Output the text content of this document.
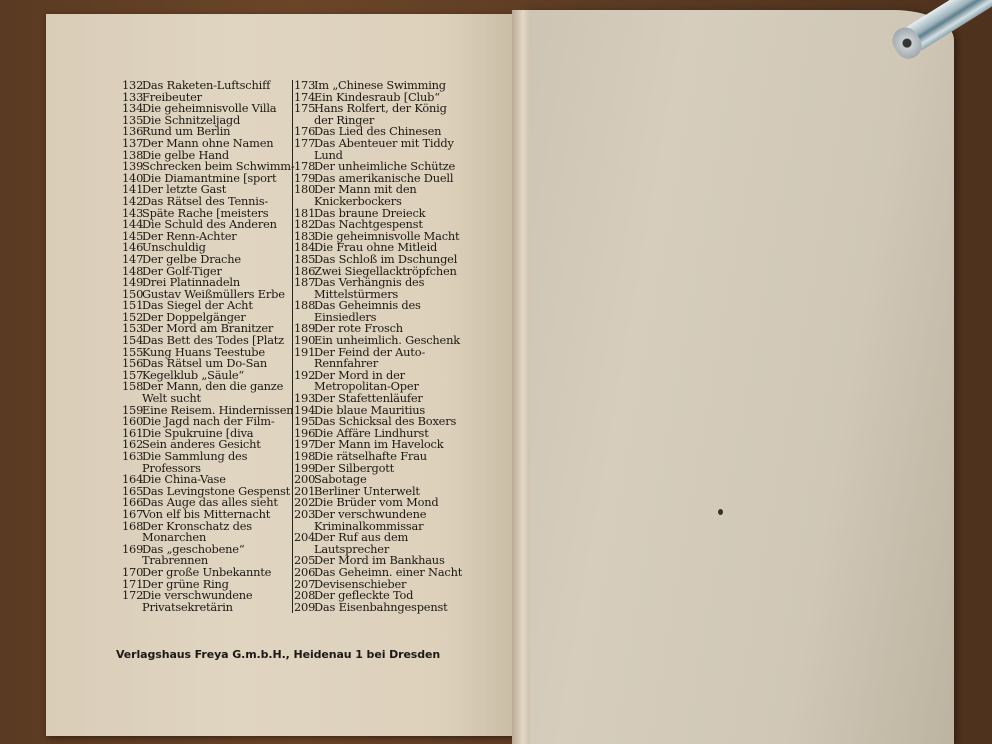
132
Das Raketen-Luftschiff
133
Freibeuter
134
Die geheimnisvolle Villa
135
Die Schnitzeljagd
136
Rund um Berlin
137
Der Mann ohne Namen
138
Die gelbe Hand
139
Schrecken beim Schwimm-
140
Die Diamantmine [sport
141
Der letzte Gast
142
Das Rätsel des Tennis-
143
Späte Rache [meisters
144
Die Schuld des Anderen
145
Der Renn-Achter
146
Unschuldig
147
Der gelbe Drache
148
Der Golf-Tiger
149
Drei Platinnadeln
150
Gustav Weißmüllers Erbe
151
Das Siegel der Acht
152
Der Doppelgänger
153
Der Mord am Branitzer
154
Das Bett des Todes [Platz
155
Kung Huans Teestube
156
Das Rätsel um Do-San
157
Kegelklub „Säule“
158
Der Mann, den die ganze
Welt sucht
159
Eine Reisem. Hindernissen
160
Die Jagd nach der Film-
161
Die Spukruine [diva
162
Sein anderes Gesicht
163
Die Sammlung des
Professors
164
Die China-Vase
165
Das Levingstone Gespenst
166
Das Auge das alles sieht
167
Von elf bis Mitternacht
168
Der Kronschatz des
Monarchen
169
Das „geschobene“
Trabrennen
170
Der große Unbekannte
171
Der grüne Ring
172
Die verschwundene
Privatsekretärin
173
Im „Chinese Swimming
174
Ein Kindesraub [Club“
175
Hans Rolfert, der König
der Ringer
176
Das Lied des Chinesen
177
Das Abenteuer mit Tiddy
Lund
178
Der unheimliche Schütze
179
Das amerikanische Duell
180
Der Mann mit den
Knickerbockers
181
Das braune Dreieck
182
Das Nachtgespenst
183
Die geheimnisvolle Macht
184
Die Frau ohne Mitleid
185
Das Schloß im Dschungel
186
Zwei Siegellacktröpfchen
187
Das Verhängnis des
Mittelstürmers
188
Das Geheimnis des
Einsiedlers
189
Der rote Frosch
190
Ein unheimlich. Geschenk
191
Der Feind der Auto-
Rennfahrer
192
Der Mord in der
Metropolitan-Oper
193
Der Stafettenläufer
194
Die blaue Mauritius
195
Das Schicksal des Boxers
196
Die Affäre Lindhurst
197
Der Mann im Havelock
198
Die rätselhafte Frau
199
Der Silbergott
200
Sabotage
201
Berliner Unterwelt
202
Die Brüder vom Mond
203
Der verschwundene
Kriminalkommissar
204
Der Ruf aus dem
Lautsprecher
205
Der Mord im Bankhaus
206
Das Geheimn. einer Nacht
207
Devisenschieber
208
Der gefleckte Tod
209
Das Eisenbahngespenst
Verlagshaus Freya G.m.b.H., Heidenau 1 bei Dresden
